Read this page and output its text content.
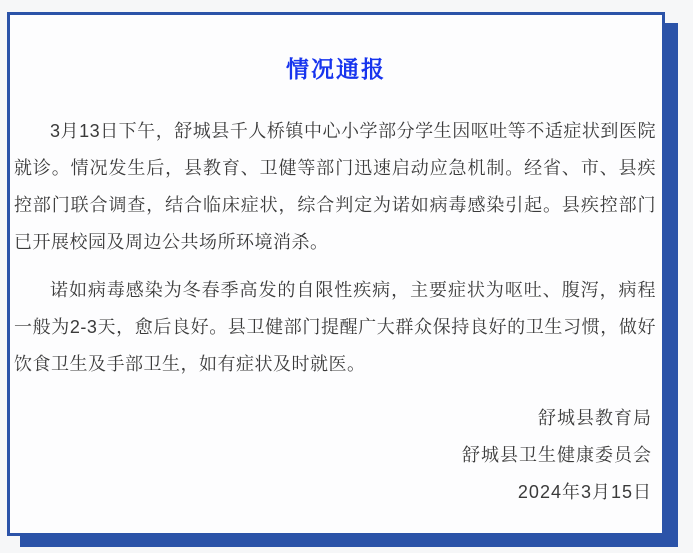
情况通报

3月13日下午，舒城县千人桥镇中心小学部分学生因呕吐等不适症状到医院就诊。情况发生后，县教育、卫健等部门迅速启动应急机制。经省、市、县疾控部门联合调查，结合临床症状，综合判定为诺如病毒感染引起。县疾控部门已开展校园及周边公共场所环境消杀。

诺如病毒感染为冬春季高发的自限性疾病，主要症状为呕吐、腹泻，病程一般为2-3天，愈后良好。县卫健部门提醒广大群众保持良好的卫生习惯，做好饮食卫生及手部卫生，如有症状及时就医。

舒城县教育局

舒城县卫生健康委员会

2024年3月15日
